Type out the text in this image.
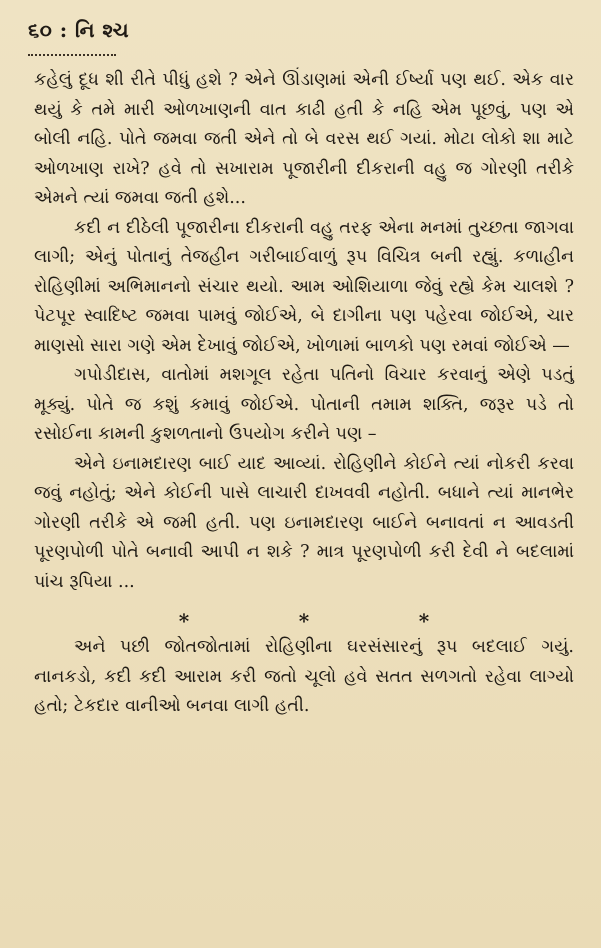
૬૦ : નિ શ્ચ

કહેલું દૂધ શી રીતે પીધું હશે ? એને ઊંડાણમાં એની ઈર્ષ્યા પણ થઈ. એક વાર થયું કે તમે મારી ઓળખાણની વાત કાઢી હતી કે નહિ એમ પૂછવું, પણ એ બોલી નહિ. પોતે જમવા જતી એને તો બે વરસ થઈ ગયાં. મોટા લોકો શા માટે ઓળખાણ રાખે? હવે તો સખારામ પૂજારીની દીકરાની વહુ જ ગોરણી તરીકે એમને ત્યાં જમવા જતી હશે...

કદી ન દીઠેલી પૂજારીના દીકરાની વહુ તરફ એના મનમાં તુચ્છતા જાગવા લાગી; એનું પોતાનું તેજહીન ગરીબાઈવાળું રૂપ વિચિત્ર બની રહ્યું. કળાહીન રોહિણીમાં અભિમાનનો સંચાર થયો. આમ ઓશિયાળા જેવું રહ્યે કેમ ચાલશે ? પેટપૂર સ્વાદિષ્ટ જમવા પામવું જોઈએ, બે દાગીના પણ પહેરવા જોઈએ, ચાર માણસો સારા ગણે એમ દેખાવું જોઈએ, ખોળામાં બાળકો પણ રમવાં જોઈએ —

ગપોડીદાસ, વાતોમાં મશગૂલ રહેતા પતિનો વિચાર કરવાનું એણે પડતું મૂક્યું. પોતે જ કશું કમાવું જોઈએ. પોતાની તમામ શક્તિ, જરૂર પડે તો રસોઈના કામની કુશળતાનો ઉપયોગ કરીને પણ –

એને ઇનામદારણ બાઈ યાદ આવ્યાં. રોહિણીને કોઈને ત્યાં નોકરી કરવા જવું નહોતું; એને કોઈની પાસે લાચારી દાખવવી નહોતી. બધાને ત્યાં માનભેર ગોરણી તરીકે એ જમી હતી. પણ ઇનામદારણ બાઈને બનાવતાં ન આવડતી પૂરણપોળી પોતે બનાવી આપી ન શકે ? માત્ર પૂરણપોળી કરી દેવી ને બદલામાં પાંચ રૂપિયા ...

*	*	*

અને પછી જોતજોતામાં રોહિણીના ઘરસંસારનું રૂપ બદલાઈ ગયું. નાનકડો, કદી કદી આરામ કરી જતો ચૂલો હવે સતત સળગતો રહેવા લાગ્યો હતો; ટેકદાર વાનીઓ બનવા લાગી હતી.
